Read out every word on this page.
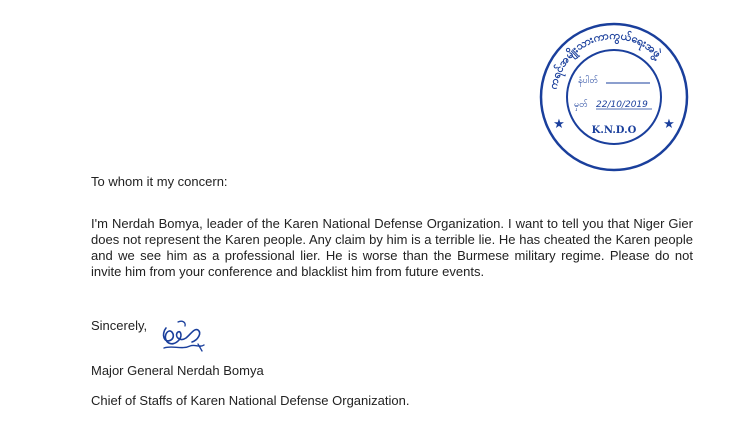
ကရင်အမျိုးသားကာကွယ်ရေးအဖွဲ့
နံပါတ်
မှတ် 22/10/2019
K.N.D.O
★	★

To whom it my concern:

I'm Nerdah Bomya, leader of the Karen National Defense Organization. I want to tell you that Niger Gier does not represent the Karen people. Any claim by him is a terrible lie. He has cheated the Karen people and we see him as a professional lier. He is worse than the Burmese military regime. Please do not invite him from your conference and blacklist him from future events.

Sincerely,

Major General Nerdah Bomya

Chief of Staffs of Karen National Defense Organization.
